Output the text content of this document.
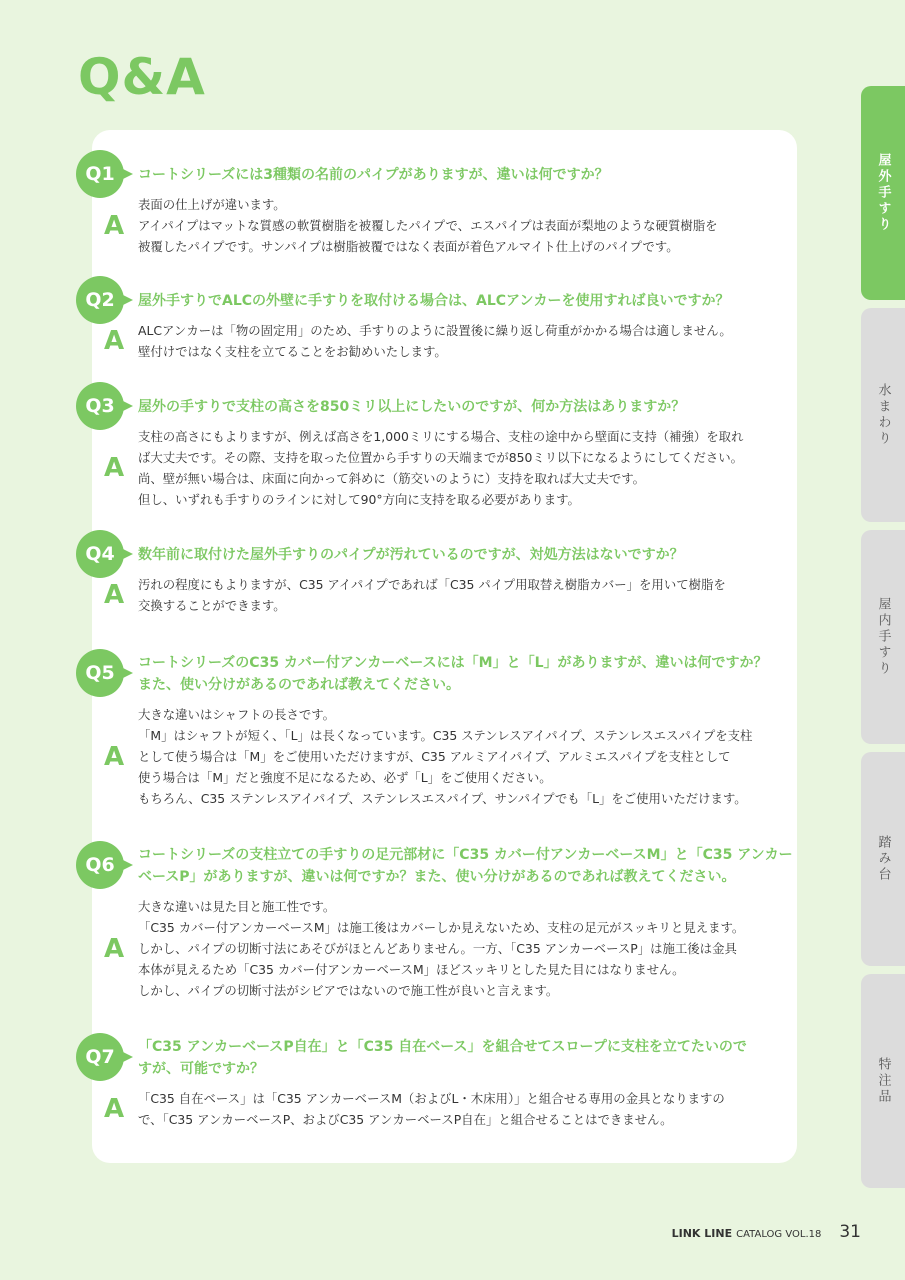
Q&A
Q1	コートシリーズには3種類の名前のパイプがありますが、違いは何ですか？
A
表面の仕上げが違います。
アイパイプはマットな質感の軟質樹脂を被覆したパイプで、エスパイプは表面が梨地のような硬質樹脂を
被覆したパイプです。サンパイプは樹脂被覆ではなく表面が着色アルマイト仕上げのパイプです。
Q2	屋外手すりでALCの外壁に手すりを取付ける場合は、ALCアンカーを使用すれば良いですか？
A ALCアンカーは「物の固定用」のため、手すりのように設置後に繰り返し荷重がかかる場合は適しません。
壁付けではなく支柱を立てることをお勧めいたします。
Q3	屋外の手すりで支柱の高さを850ミリ以上にしたいのですが、何か方法はありますか？
A
支柱の高さにもよりますが、例えば高さを1,000ミリにする場合、支柱の途中から壁面に支持（補強）を取れ
ば大丈夫です。その際、支持を取った位置から手すりの天端までが850ミリ以下になるようにしてください。
尚、壁が無い場合は、床面に向かって斜めに（筋交いのように）支持を取れば大丈夫です。
但し、いずれも手すりのラインに対して90°方向に支持を取る必要があります。
Q4	数年前に取付けた屋外手すりのパイプが汚れているのですが、対処方法はないですか？
A 汚れの程度にもよりますが、C35 アイパイプであれば「C35 パイプ用取替え樹脂カバー」を用いて樹脂を
交換することができます。
Q5	コートシリーズのC35 カバー付アンカーベースには「M」と「L」がありますが、違いは何ですか？
また、使い分けがあるのであれば教えてください。
A
大きな違いはシャフトの長さです。
「M」はシャフトが短く、「L」は長くなっています。C35 ステンレスアイパイプ、ステンレスエスパイプを支柱
として使う場合は「M」をご使用いただけますが、C35 アルミアイパイプ、アルミエスパイプを支柱として
使う場合は「M」だと強度不足になるため、必ず「L」をご使用ください。
もちろん、C35 ステンレスアイパイプ、ステンレスエスパイプ、サンパイプでも「L」をご使用いただけます。
Q6	コートシリーズの支柱立ての手すりの足元部材に「C35 カバー付アンカーベースM」と「C35 アンカー
ベースP」がありますが、違いは何ですか？また、使い分けがあるのであれば教えてください。
A
大きな違いは見た目と施工性です。
「C35 カバー付アンカーベースM」は施工後はカバーしか見えないため、支柱の足元がスッキリと見えます。
しかし、パイプの切断寸法にあそびがほとんどありません。一方、「C35 アンカーベースP」は施工後は金具
本体が見えるため「C35 カバー付アンカーベースM」ほどスッキリとした見た目にはなりません。
しかし、パイプの切断寸法がシビアではないので施工性が良いと言えます。
Q7	「C35 アンカーベースP自在」と「C35 自在ベース」を組合せてスロープに支柱を立てたいので
すが、可能ですか？
A 「C35 自在ベース」は「C35 アンカーベースM（およびL・木床用）」と組合せる専用の金具となりますの
で、「C35 アンカーベースP、およびC35 アンカーベースP自在」と組合せることはできません。
屋外手すり
水まわり
屋内手すり
踏み台
特注品
LINK LINE CATALOG VOL.18 31
